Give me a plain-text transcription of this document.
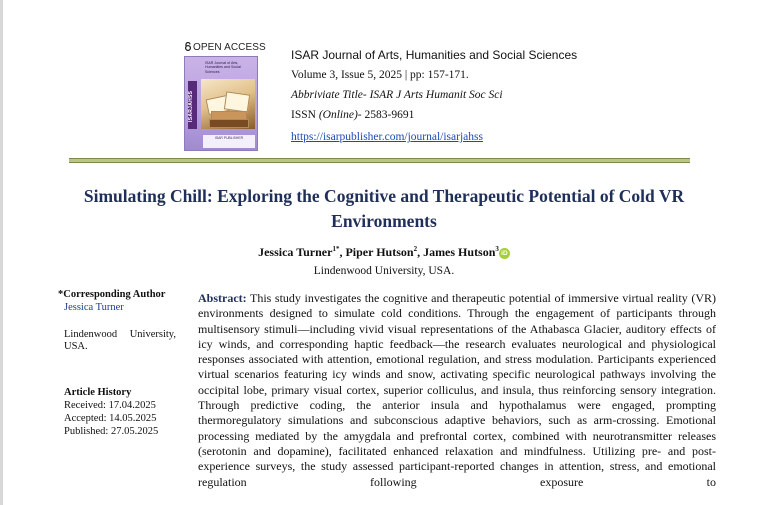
OPEN ACCESS
ISAR Journal of Arts, Humanities and Social Sciences
ISARJAHSS
ISAR PUBLISHER
ISAR Journal of Arts, Humanities and Social Sciences
Volume 3, Issue 5, 2025 | pp: 157-171.
Abbriviate Title- ISAR J Arts Humanit Soc Sci
ISSN (Online)- 2583-9691
https://isarpublisher.com/journal/isarjahss
Simulating Chill: Exploring the Cognitive and Therapeutic Potential of Cold VR Environments
Jessica Turner$^{1*}$, Piper Hutson$^2$, James Hutson$^3$iD
Lindenwood University, USA.
*Corresponding Author
Jessica Turner
Lindenwood University, USA.
Article History
Received: 17.04.2025
Accepted: 14.05.2025
Published: 27.05.2025
Abstract: This study investigates the cognitive and therapeutic potential of immersive virtual reality (VR) environments designed to simulate cold conditions. Through the engagement of participants through multisensory stimuli—including vivid visual representations of the Athabasca Glacier, auditory effects of icy winds, and corresponding haptic feedback—the research evaluates neurological and physiological responses associated with attention, emotional regulation, and stress modulation. Participants experienced virtual scenarios featuring icy winds and snow, activating specific neurological pathways involving the occipital lobe, primary visual cortex, superior colliculus, and insula, thus reinforcing sensory integration. Through predictive coding, the anterior insula and hypothalamus were engaged, prompting thermoregulatory simulations and subconscious adaptive behaviors, such as arm-crossing. Emotional processing mediated by the amygdala and prefrontal cortex, combined with neurotransmitter releases (serotonin and dopamine), facilitated enhanced relaxation and mindfulness. Utilizing pre- and post-experience surveys, the study assessed participant-reported changes in attention, stress, and emotional regulation following exposure to
